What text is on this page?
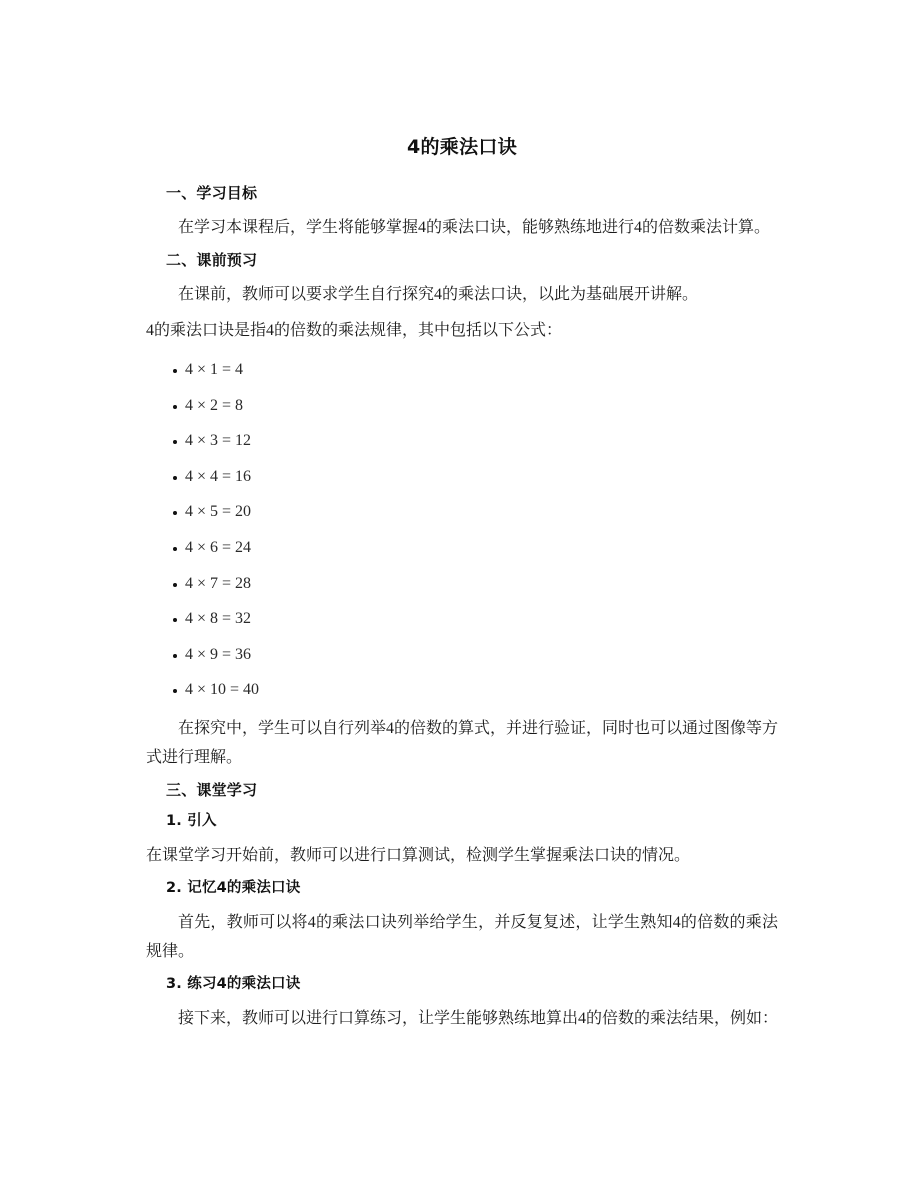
4的乘法口诀
一、学习目标

在学习本课程后，学生将能够掌握4的乘法口诀，能够熟练地进行4的倍数乘法计算。

二、课前预习

在课前，教师可以要求学生自行探究4的乘法口诀，以此为基础展开讲解。

4的乘法口诀是指4的倍数的乘法规律，其中包括以下公式：

4 × 1 = 4
4 × 2 = 8
4 × 3 = 12
4 × 4 = 16
4 × 5 = 20
4 × 6 = 24
4 × 7 = 28
4 × 8 = 32
4 × 9 = 36
4 × 10 = 40

在探究中，学生可以自行列举4的倍数的算式，并进行验证，同时也可以通过图像等方式进行理解。

三、课堂学习
1. 引入

在课堂学习开始前，教师可以进行口算测试，检测学生掌握乘法口诀的情况。

2. 记忆4的乘法口诀

首先，教师可以将4的乘法口诀列举给学生，并反复复述，让学生熟知4的倍数的乘法规律。

3. 练习4的乘法口诀

接下来，教师可以进行口算练习，让学生能够熟练地算出4的倍数的乘法结果，例如：
